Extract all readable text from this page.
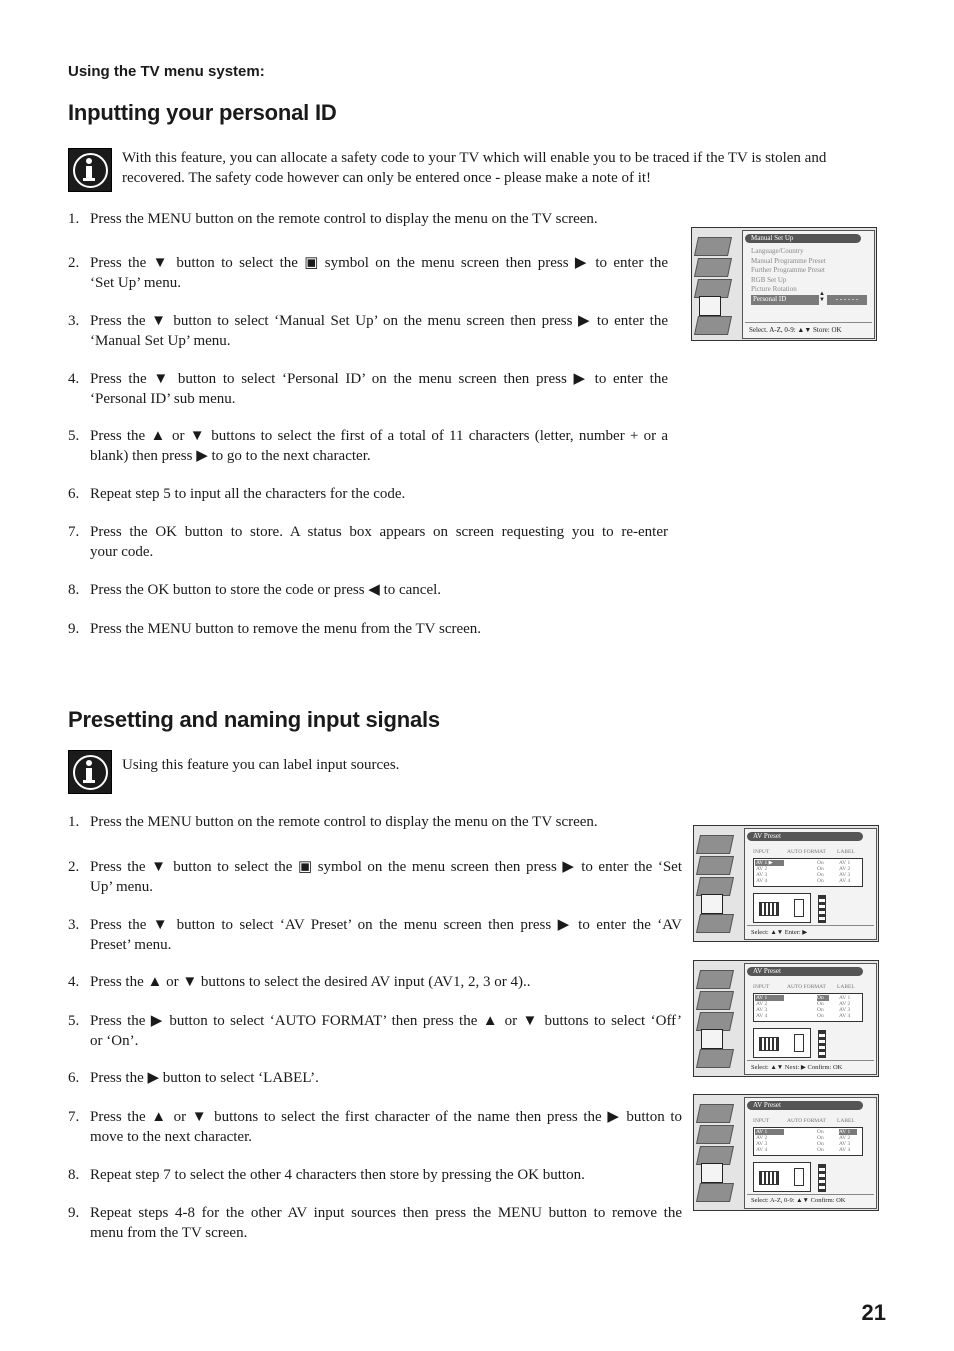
Using the TV menu system:
Inputting your personal ID
With this feature, you can allocate a safety code to your TV which will enable you to be traced if the TV is stolen and recovered. The safety code however can only be entered once - please make a note of it!
1. Press the MENU button on the remote control to display the menu on the TV screen.
2. Press the ▼ button to select the ▣ symbol on the menu screen then press ▶ to enter the
‘Set Up’ menu.
3. Press the ▼ button to select ‘Manual Set Up’ on the menu screen then press ▶ to enter the
‘Manual Set Up’ menu.
4. Press the ▼ button to select ‘Personal ID’ on the menu screen then press ▶ to enter the
‘Personal ID’ sub menu.
5. Press the ▲ or ▼ buttons to select the first of a total of 11 characters (letter, number + or a
blank) then press ▶ to go to the next character.
6. Repeat step 5 to input all the characters for the code.
7. Press the OK button to store. A status box appears on screen requesting you to re-enter
your code.
8. Press the OK button to store the code or press ◀ to cancel.
9. Press the MENU button to remove the menu from the TV screen.
Manual Set Up
Language/Country
Manual Programme Preset
Further Programme Preset
RGB Set Up
Picture Rotation
Personal ID
▲
▼	- - - - - -
Select. A-Z, 0-9: ▲▼ Store: OK
Presetting and naming input signals
Using this feature you can label input sources.
1. Press the MENU button on the remote control to display the menu on the TV screen.
2. Press the ▼ button to select the ▣ symbol on the menu screen then press ▶ to enter the ‘Set
Up’ menu.
3. Press the ▼ button to select ‘AV Preset’ on the menu screen then press ▶ to enter the ‘AV
Preset’ menu.
4. Press the ▲ or ▼ buttons to select the desired AV input (AV1, 2, 3 or 4)..
5. Press the ▶ button to select ‘AUTO FORMAT’ then press the ▲ or ▼ buttons to select ‘Off’
or ‘On’.
6. Press the ▶ button to select ‘LABEL’.
7. Press the ▲ or ▼ buttons to select the first character of the name then press the ▶ button to
move to the next character.
8. Repeat step 7 to select the other 4 characters then store by pressing the OK button.
9. Repeat steps 4-8 for the other AV input sources then press the MENU button to remove the
menu from the TV screen.
AV Preset
INPUT	AUTO FORMAT LABEL
AV 1 ▶	On	AV 1
AV 2	On	AV 2
AV 3	On	AV 3
AV 4	On	AV 4
Select: ▲▼ Enter: ▶
AV Preset
INPUT	AUTO FORMAT LABEL
AV 1	On	AV 1
AV 2	On	AV 2
AV 3	On	AV 3
AV 4	On	AV 4
Select: ▲▼ Next: ▶ Confirm: OK
AV Preset
INPUT	AUTO FORMAT LABEL
AV 1	On	AV 1
AV 2	On	AV 2
AV 3	On	AV 3
AV 4	On	AV 4
Select: A-Z, 0-9: ▲▼ Confirm: OK
21
